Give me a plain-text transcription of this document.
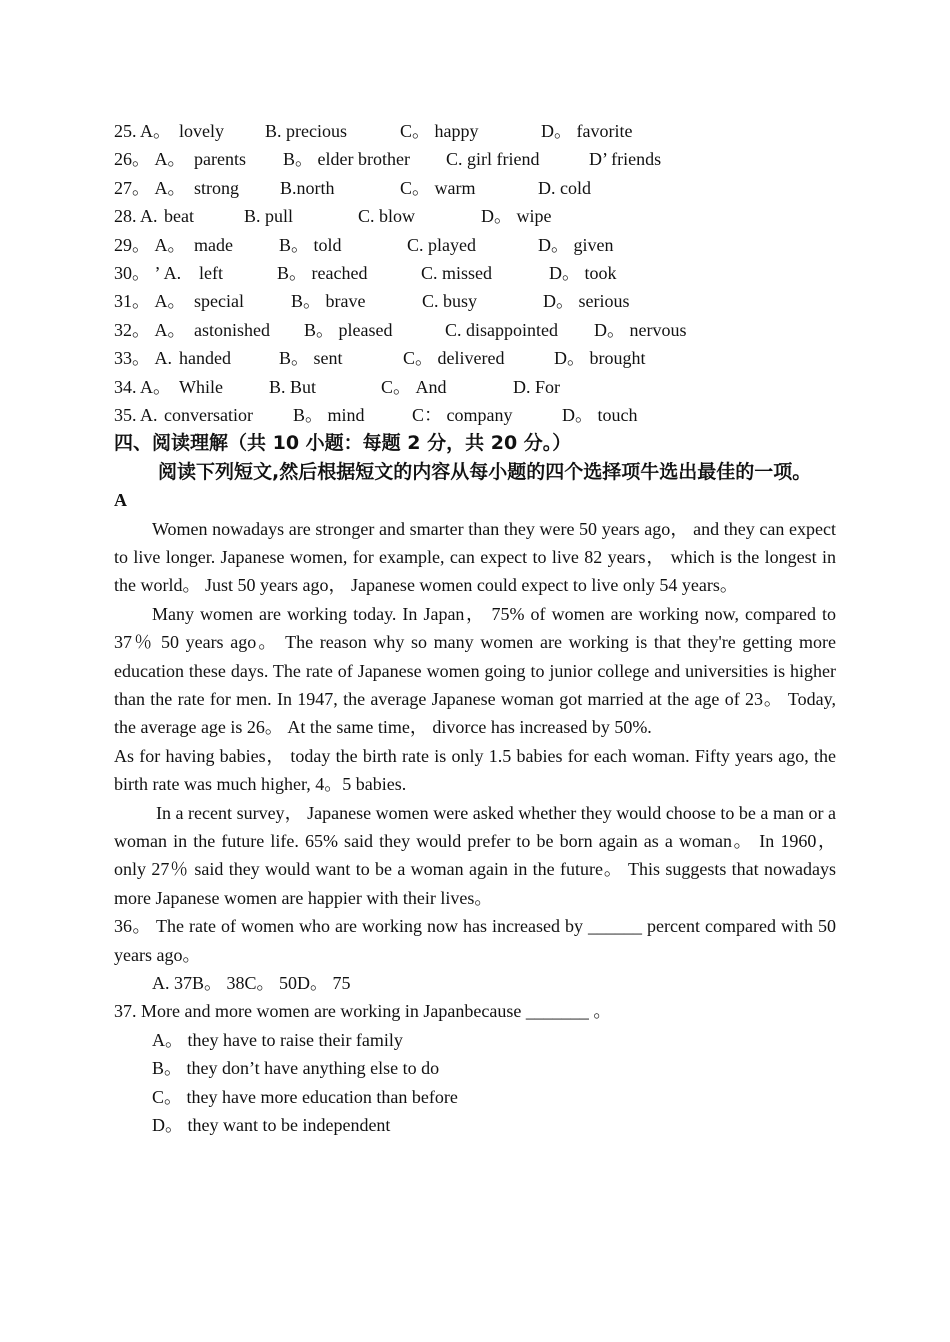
25. A。 lovely B. precious	C。 happy	D。 favorite
26。 A。 parents B。 elder brother C. girl friend	D’ friends
27。 A。 strong B.north	C。 warm	D. cold
28. A. beat	B. pull	C. blow	D。 wipe
29。 A。 made	B。 told	C. played	D。 given
30。 ’ A. left	B。 reached	C. missed	D。 took
31。 A。 special	B。 brave	C. busy	D。 serious
32。 A。 astonished B。 pleased	C. disappointed D。 nervous
33。 A. handed	B。 sent	C。 delivered	D。 brought
34. A。 While	B. But	C。 And	D. For
35. A. conversatior B。 mind	C： company	D。 touch
四、阅读理解（共 10 小题：每题 2 分，共 20 分。）
阅读下列短文,然后根据短文的内容从每小题的四个选择项牛选出最佳的一项。
A
Women nowadays are stronger and smarter than they were 50 years ago， and they can expect to live longer. Japanese women, for example, can expect to live 82 years， which is the longest in the world。 Just 50 years ago， Japanese women could expect to live only 54 years。
Many women are working today. In Japan， 75% of women are working now, compared to 37％ 50 years ago。 The reason why so many women are working is that they're getting more education these days. The rate of Japanese women going to junior college and universities is higher than the rate for men. In 1947, the average Japanese woman got married at the age of 23。 Today, the average age is 26。 At the same time， divorce has increased by 50%.
As for having babies， today the birth rate is only 1.5 babies for each woman. Fifty years ago, the birth rate was much higher, 4。5 babies.
In a recent survey， Japanese women were asked whether they would choose to be a man or a woman in the future life. 65% said they would prefer to be born again as a woman。 In 1960， only 27％ said they would want to be a woman again in the future。 This suggests that nowadays more Japanese women are happier with their lives。
36。 The rate of women who are working now has increased by ______ percent compared with 50 years ago。
A. 37B。 38C。 50D。 75
37. More and more women are working in Japanbecause _______ 。
A。 they have to raise their family
B。 they don’t have anything else to do
C。 they have more education than before
D。 they want to be independent
